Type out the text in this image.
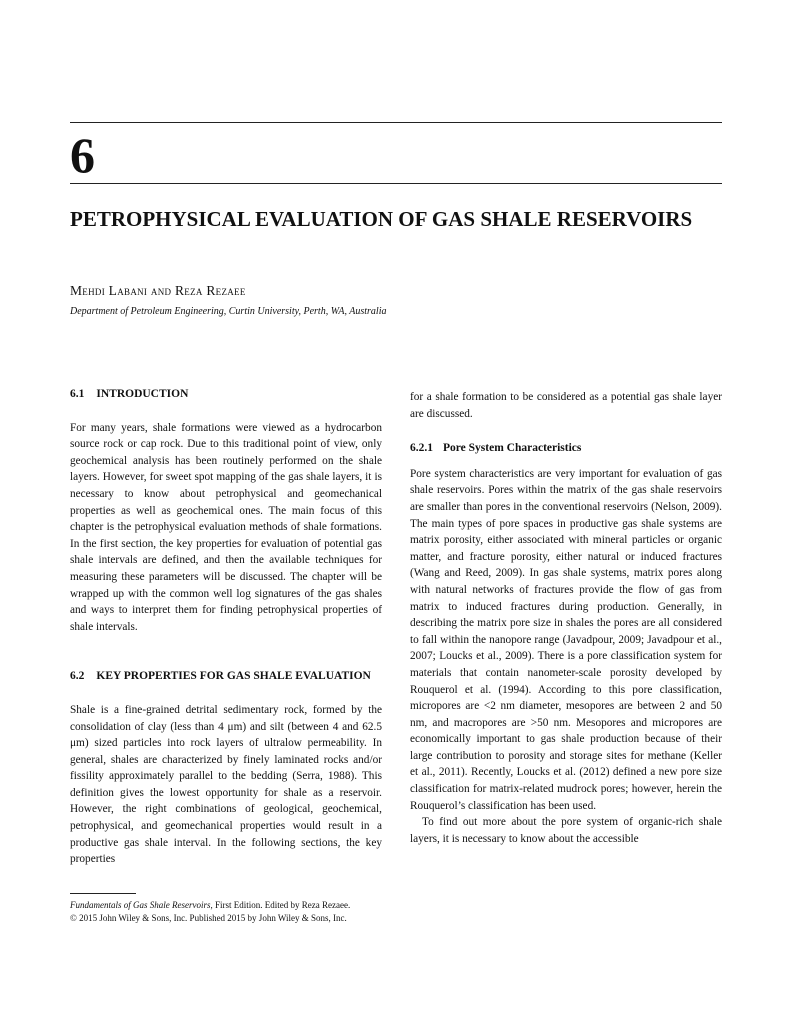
6
PETROPHYSICAL EVALUATION OF GAS SHALE RESERVOIRS
Mehdi Labani and Reza Rezaee
Department of Petroleum Engineering, Curtin University, Perth, WA, Australia
6.1 INTRODUCTION

For many years, shale formations were viewed as a hydrocarbon source rock or cap rock. Due to this traditional point of view, only geochemical analysis has been routinely performed on the shale layers. However, for sweet spot mapping of the gas shale layers, it is necessary to know about petrophysical and geomechanical properties as well as geochemical ones. The main focus of this chapter is the petrophysical evaluation methods of shale formations. In the first section, the key properties for evaluation of potential gas shale intervals are defined, and then the available techniques for measuring these parameters will be discussed. The chapter will be wrapped up with the common well log signatures of the gas shales and ways to interpret them for finding petrophysical properties of shale intervals.

6.2 KEY PROPERTIES FOR GAS SHALE EVALUATION

Shale is a fine-grained detrital sedimentary rock, formed by the consolidation of clay (less than 4 μm) and silt (between 4 and 62.5 μm) sized particles into rock layers of ultralow permeability. In general, shales are characterized by finely laminated rocks and/or fissility approximately parallel to the bedding (Serra, 1988). This definition gives the lowest opportunity for shale as a reservoir. However, the right combinations of geological, geochemical, petrophysical, and geomechanical properties would result in a productive gas shale interval. In the following sections, the key properties

for a shale formation to be considered as a potential gas shale layer are discussed.

6.2.1 Pore System Characteristics

Pore system characteristics are very important for evaluation of gas shale reservoirs. Pores within the matrix of the gas shale reservoirs are smaller than pores in the conventional reservoirs (Nelson, 2009). The main types of pore spaces in productive gas shale systems are matrix porosity, either associated with mineral particles or organic matter, and fracture porosity, either natural or induced fractures (Wang and Reed, 2009). In gas shale systems, matrix pores along with natural networks of fractures provide the flow of gas from matrix to induced fractures during production. Generally, in describing the matrix pore size in shales the pores are all considered to fall within the nanopore range (Javadpour, 2009; Javadpour et al., 2007; Loucks et al., 2009). There is a pore classification system for materials that contain nanometer-scale porosity developed by Rouquerol et al. (1994). According to this pore classification, micropores are <2 nm diameter, mesopores are between 2 and 50 nm, and macropores are >50 nm. Mesopores and micropores are economically important to gas shale production because of their large contribution to porosity and storage sites for methane (Keller et al., 2011). Recently, Loucks et al. (2012) defined a new pore size classification for matrix-related mudrock pores; however, herein the Rouquerol’s classification has been used.

To find out more about the pore system of organic-rich shale layers, it is necessary to know about the accessible

Fundamentals of Gas Shale Reservoirs, First Edition. Edited by Reza Rezaee.
© 2015 John Wiley & Sons, Inc. Published 2015 by John Wiley & Sons, Inc.
